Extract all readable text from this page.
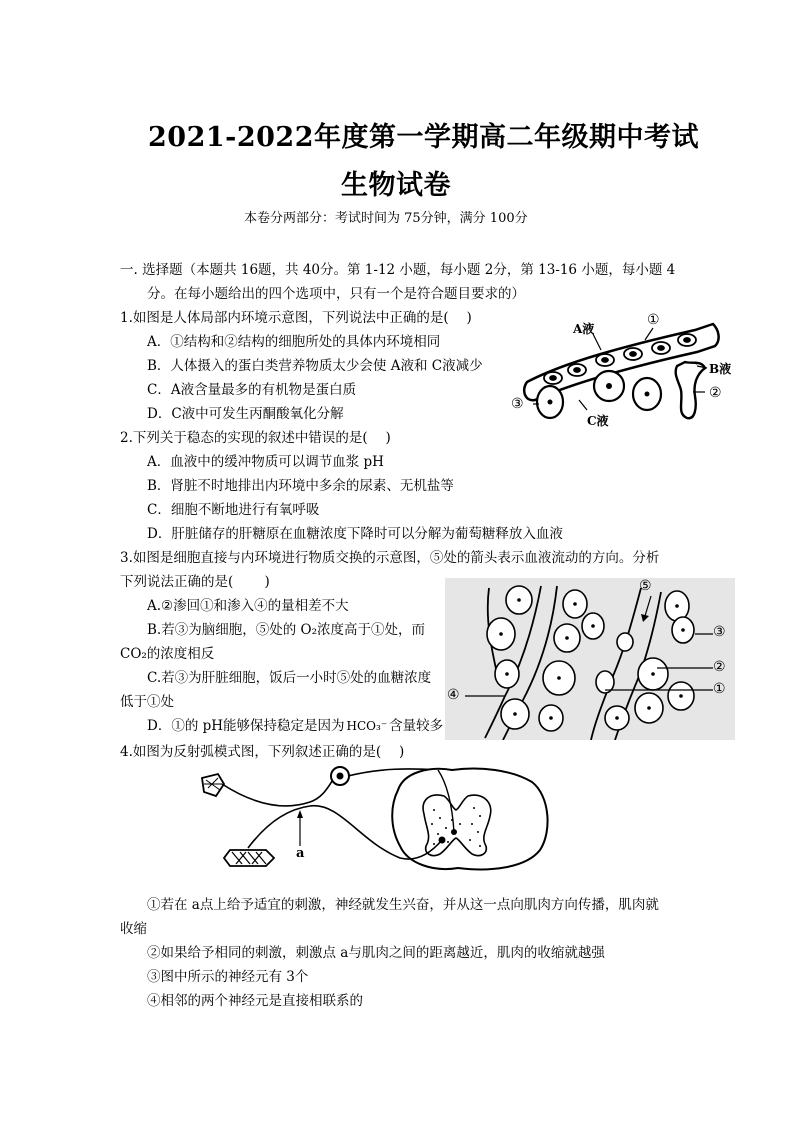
2021-2022年度第一学期高二年级期中考试
生物试卷
本卷分两部分：考试时间为 75分钟，满分 100分
一. 选择题（本题共 16题，共 40分。第 1-12 小题，每小题 2分，第 13-16 小题，每小题 4
分。在每小题给出的四个选项中，只有一个是符合题目要求的）
1.如图是人体局部内环境示意图，下列说法中正确的是(　 )
A．①结构和②结构的细胞所处的具体内环境相同
B．人体摄入的蛋白类营养物质太少会使 A液和 C液减少
C．A液含量最多的有机物是蛋白质
D．C液中可发生丙酮酸氧化分解
A液
①
B液
②
③
C液
2.下列关于稳态的实现的叙述中错误的是(　 )
A．血液中的缓冲物质可以调节血浆 pH
B．肾脏不时地排出内环境中多余的尿素、无机盐等
C．细胞不断地进行有氧呼吸
D．肝脏储存的肝糖原在血糖浓度下降时可以分解为葡萄糖释放入血液
3.如图是细胞直接与内环境进行物质交换的示意图，⑤处的箭头表示血液流动的方向。分析
下列说法正确的是(　　 )
A.②渗回①和渗入④的量相差不大
B.若③为脑细胞，⑤处的 O₂浓度高于①处，而
CO₂的浓度相反
C.若③为肝脏细胞，饭后一小时⑤处的血糖浓度
低于①处
D．①的 pH能够保持稳定是因为 HCO₃⁻ 含量较多
⑤
③
②
①
④
4.如图为反射弧模式图，下列叙述正确的是(　 )
a
①若在 a点上给予适宜的刺激，神经就发生兴奋，并从这一点向肌肉方向传播，肌肉就
收缩
②如果给予相同的刺激，刺激点 a与肌肉之间的距离越近，肌肉的收缩就越强
③图中所示的神经元有 3个
④相邻的两个神经元是直接相联系的
